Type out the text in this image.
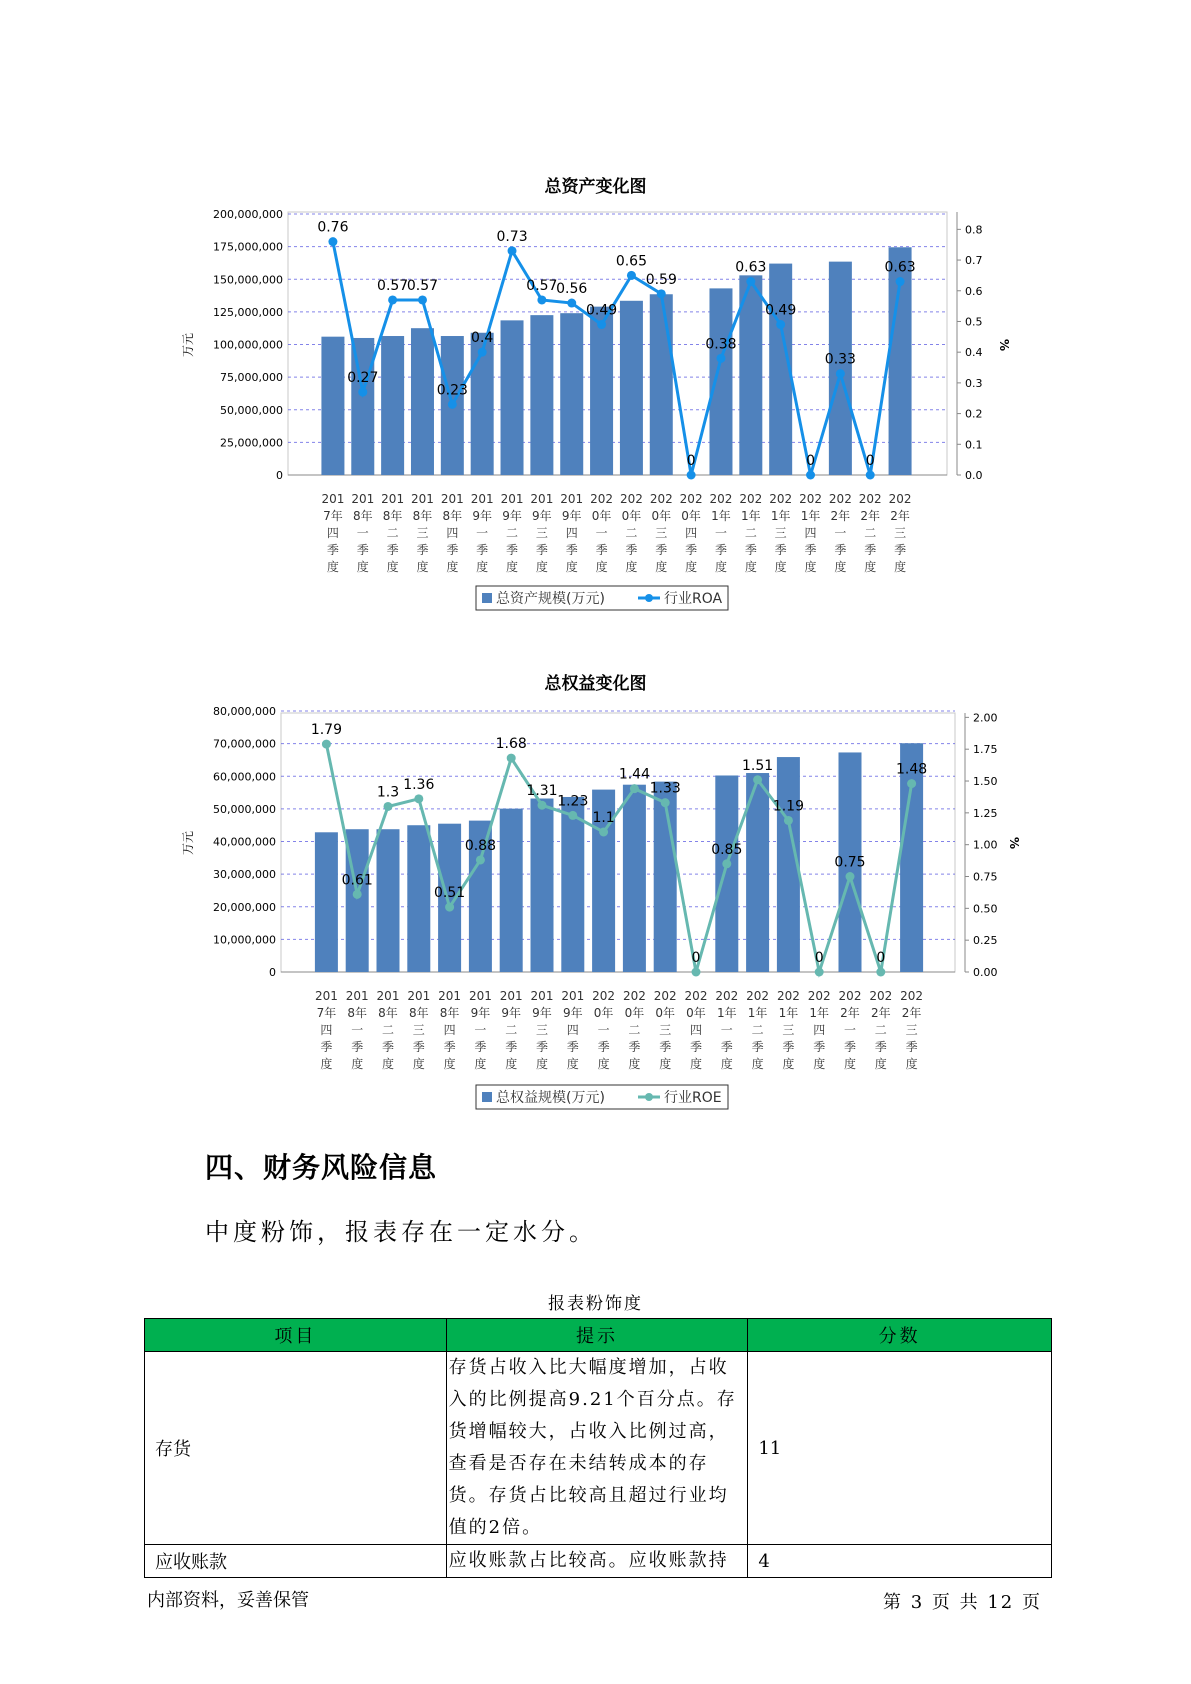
总资产变化图
0
25,000,000
50,000,000
75,000,000
100,000,000
125,000,000
150,000,000
175,000,000
200,000,000
0.0
0.1
0.2
0.3
0.4
0.5
0.6
0.7
0.8
万元	%
0.76
0.27
0.57
0.57
0.23
0.4
0.73
0.57
0.56
0.49
0.65
0.59
0
0.38
0.63
0.49
0
0.33
0
0.63
201 7年四季度
201 8年一季度
201 8年二季度
201 8年三季度
201 8年四季度
201 9年一季度
201 9年二季度
201 9年三季度
201 9年四季度
202 0年一季度
202 0年二季度
202 0年三季度
202 0年四季度
202 1年一季度
202 1年二季度
202 1年三季度
202 1年四季度
202 2年一季度
202 2年二季度
202 2年三季度
总资产规模(万元)	行业ROA
总权益变化图
0
10,000,000
20,000,000
30,000,000
40,000,000
50,000,000
60,000,000
70,000,000
80,000,000
0.00
0.25
0.50
0.75
1.00
1.25
1.50
1.75
2.00
万元	%
1.79
0.61
1.3 1.36
0.51
0.88
1.68
1.31
1.23
1.1
1.44
1.33
0
0.85
1.51
1.19
0
0.75
0
1.48
201 7年四季度
201 8年一季度
201 8年二季度
201 8年三季度
201 8年四季度
201 9年一季度
201 9年二季度
201 9年三季度
201 9年四季度
202 0年一季度
202 0年二季度
202 0年三季度
202 0年四季度
202 1年一季度
202 1年二季度
202 1年三季度
202 1年四季度
202 2年一季度
202 2年二季度
202 2年三季度
总权益规模(万元)	行业ROE
四、财务风险信息
中度粉饰，报表存在一定水分。
报表粉饰度
项目	提示	分数
存货	存货占收入比大幅度增加，占收入的比例提高9.21个百分点。存货增幅较大，占收入比例过高，查看是否存在未结转成本的存货。存货占比较高且超过行业均值的2倍。	11
应收账款	应收账款占比较高。应收账款持	4
内部资料，妥善保管	第 3 页 共 12 页
